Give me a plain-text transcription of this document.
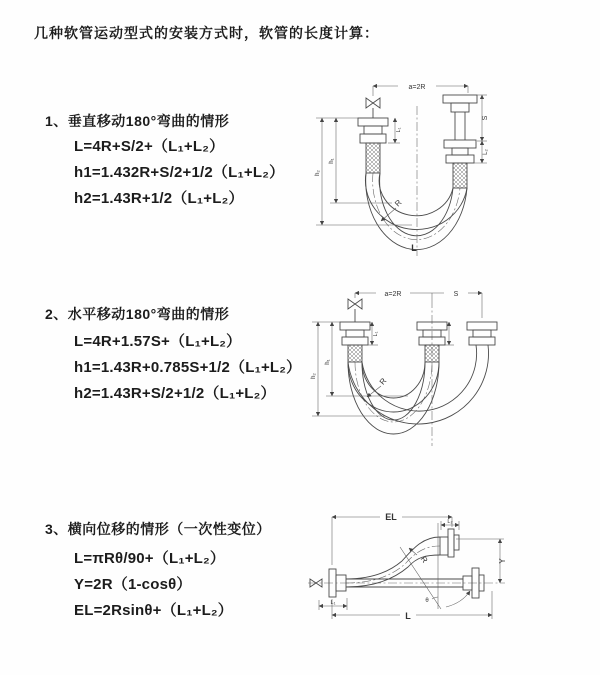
几种软管运动型式的安装方式时，软管的长度计算：
1、垂直移动180°弯曲的情形
L=4R+S/2+（L₁+L₂）
h1=1.432R+S/2+1/2（L₁+L₂）
h2=1.43R+1/2（L₁+L₂）
2、水平移动180°弯曲的情形
L=4R+1.57S+（L₁+L₂）
h1=1.43R+0.785S+1/2（L₁+L₂）
h2=1.43R+S/2+1/2（L₁+L₂）
3、横向位移的情形（一次性变位）
L=πRθ/90+（L₁+L₂）
Y=2R（1-cosθ）
EL=2Rsinθ+（L₁+L₂）
a=2R
S
L₂
h₁
h₂
L₁
R
L
a=2R	S
h₁
h₂
L₁
R
EL	L₂
Y
θ
R
L
L₁
